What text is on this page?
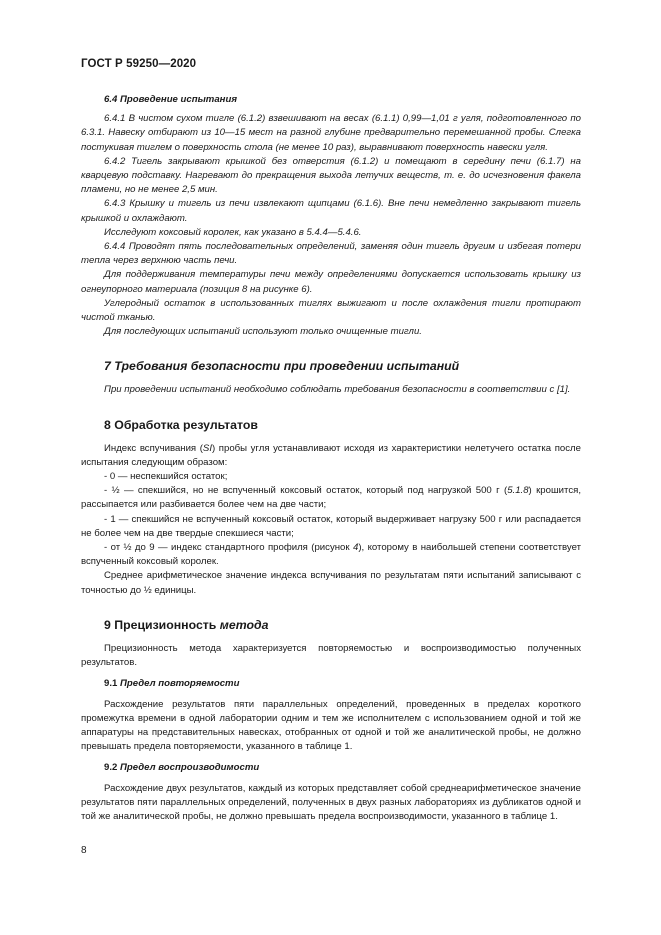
ГОСТ Р 59250—2020
6.4 Проведение испытания

6.4.1 В чистом сухом тигле (6.1.2) взвешивают на весах (6.1.1) 0,99—1,01 г угля, подготовленного по 6.3.1. Навеску отбирают из 10—15 мест на разной глубине предварительно перемешанной пробы. Слегка постукивая тиглем о поверхность стола (не менее 10 раз), выравнивают поверхность навески угля.

6.4.2 Тигель закрывают крышкой без отверстия (6.1.2) и помещают в середину печи (6.1.7) на кварцевую подставку. Нагревают до прекращения выхода летучих веществ, т. е. до исчезновения факела пламени, но не менее 2,5 мин.

6.4.3 Крышку и тигель из печи извлекают щипцами (6.1.6). Вне печи немедленно закрывают тигель крышкой и охлаждают.

Исследуют коксовый королек, как указано в 5.4.4—5.4.6.

6.4.4 Проводят пять последовательных определений, заменяя один тигель другим и избегая потери тепла через верхнюю часть печи.

Для поддерживания температуры печи между определениями допускается использовать крышку из огнеупорного материала (позиция 8 на рисунке 6).

Углеродный остаток в использованных тиглях выжигают и после охлаждения тигли протирают чистой тканью.

Для последующих испытаний используют только очищенные тигли.

7 Требования безопасности при проведении испытаний

При проведении испытаний необходимо соблюдать требования безопасности в соответствии с [1].

8 Обработка результатов

Индекс вспучивания (SI) пробы угля устанавливают исходя из характеристики нелетучего остатка после испытания следующим образом:

- 0 — неспекшийся остаток;

- ½ — спекшийся, но не вспученный коксовый остаток, который под нагрузкой 500 г (5.1.8) крошится, рассыпается или разбивается более чем на две части;

- 1 — спекшийся не вспученный коксовый остаток, который выдерживает нагрузку 500 г или распадается не более чем на две твердые спекшиеся части;

- от ½ до 9 — индекс стандартного профиля (рисунок 4), которому в наибольшей степени соответствует вспученный коксовый королек.

Среднее арифметическое значение индекса вспучивания по результатам пяти испытаний записывают с точностью до ½ единицы.

9 Прецизионность метода

Прецизионность метода характеризуется повторяемостью и воспроизводимостью полученных результатов.

9.1 Предел повторяемости

Расхождение результатов пяти параллельных определений, проведенных в пределах короткого промежутка времени в одной лаборатории одним и тем же исполнителем с использованием одной и той же аппаратуры на представительных навесках, отобранных от одной и той же аналитической пробы, не должно превышать предела повторяемости, указанного в таблице 1.

9.2 Предел воспроизводимости

Расхождение двух результатов, каждый из которых представляет собой среднеарифметическое значение результатов пяти параллельных определений, полученных в двух разных лабораториях из дубликатов одной и той же аналитической пробы, не должно превышать предела воспроизводимости, указанного в таблице 1.

8
